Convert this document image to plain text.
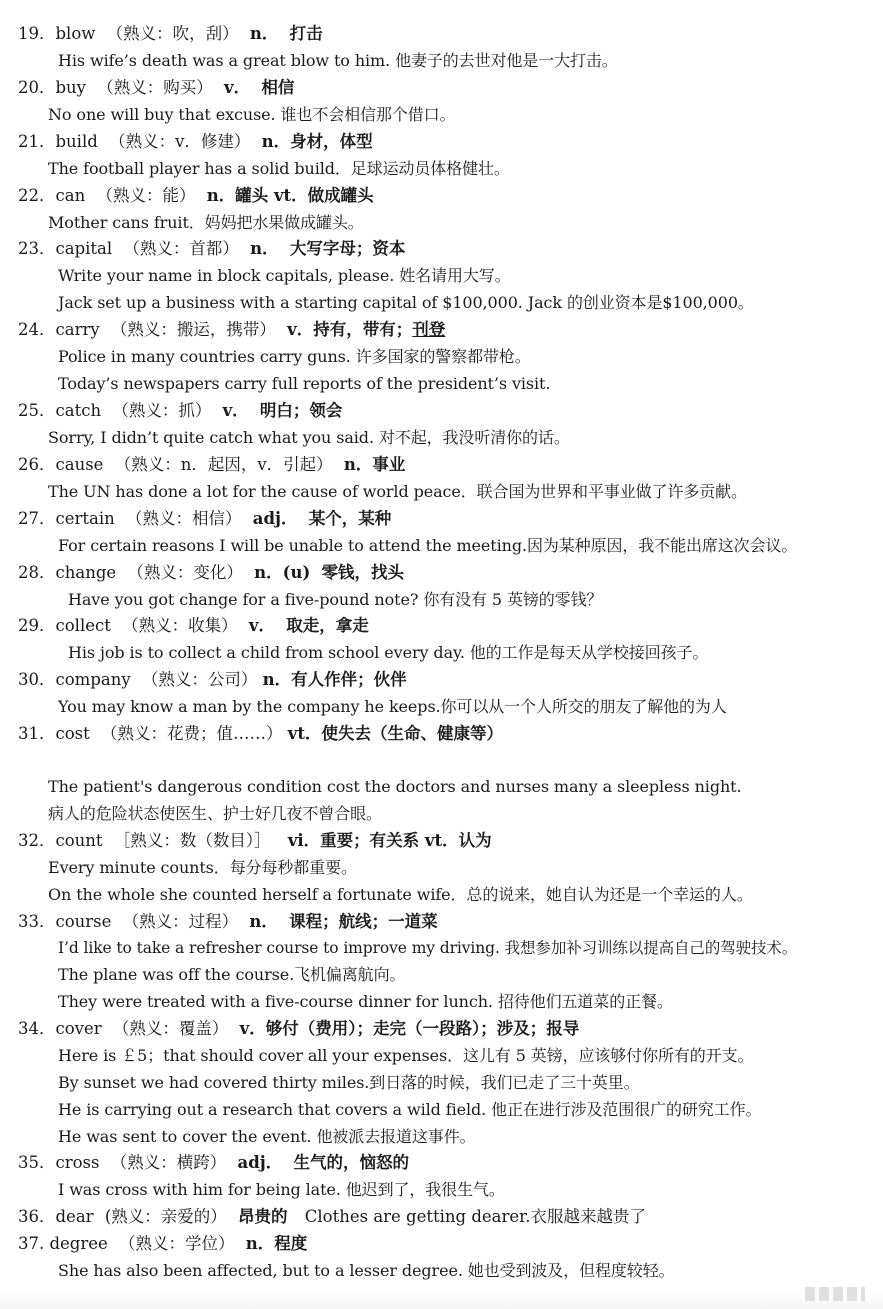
19．blow （熟义：吹，刮） n． 打击
His wife’s death was a great blow to him. 他妻子的去世对他是一大打击。
20．buy （熟义：购买） v． 相信
No one will buy that excuse. 谁也不会相信那个借口。
21．build （熟义：v．修建） n．身材，体型
The football player has a solid build．足球运动员体格健壮。
22．can （熟义：能） n．罐头 vt．做成罐头
Mother cans fruit．妈妈把水果做成罐头。
23．capital （熟义：首都） n． 大写字母；资本
Write your name in block capitals, please. 姓名请用大写。
Jack set up a business with a starting capital of $100,000. Jack 的创业资本是$100,000。
24．carry （熟义：搬运，携带） v．持有，带有；刊登
Police in many countries carry guns. 许多国家的警察都带枪。
Today’s newspapers carry full reports of the president’s visit.
25．catch （熟义：抓） v． 明白；领会
Sorry, I didn’t quite catch what you said. 对不起，我没听清你的话。
26．cause （熟义：n．起因，v．引起） n．事业
The UN has done a lot for the cause of world peace．联合国为世界和平事业做了许多贡献。
27．certain （熟义：相信） adj． 某个，某种
For certain reasons I will be unable to attend the meeting.因为某种原因，我不能出席这次会议。
28．change （熟义：变化） n．(u) 零钱，找头
Have you got change for a five-pound note? 你有没有 5 英镑的零钱？
29．collect （熟义：收集） v． 取走，拿走
His job is to collect a child from school every day. 他的工作是每天从学校接回孩子。
30．company （熟义：公司） n．有人作伴；伙伴
You may know a man by the company he keeps.你可以从一个人所交的朋友了解他的为人
31．cost （熟义：花费；值……） vt．使失去（生命、健康等）
The patient's dangerous condition cost the doctors and nurses many a sleepless night.
病人的危险状态使医生、护士好几夜不曾合眼。
32．count ［熟义：数（数目）］ vi．重要；有关系 vt．认为
Every minute counts．每分每秒都重要。
On the whole she counted herself a fortunate wife．总的说来，她自认为还是一个幸运的人。
33．course （熟义：过程） n． 课程；航线；一道菜
I’d like to take a refresher course to improve my driving. 我想参加补习训练以提高自己的驾驶技术。
The plane was off the course.飞机偏离航向。
They were treated with a five-course dinner for lunch. 招待他们五道菜的正餐。
34．cover （熟义：覆盖） v．够付（费用）；走完（一段路）；涉及；报导
Here is ￡5；that should cover all your expenses．这儿有 5 英镑，应该够付你所有的开支。
By sunset we had covered thirty miles.到日落的时候，我们已走了三十英里。
He is carrying out a research that covers a wild field. 他正在进行涉及范围很广的研究工作。
He was sent to cover the event. 他被派去报道这事件。
35．cross （熟义：横跨） adj． 生气的，恼怒的
I was cross with him for being late. 他迟到了，我很生气。
36．dear (熟义：亲爱的） 昂贵的 Clothes are getting dearer.衣服越来越贵了
37. degree （熟义：学位） n．程度
She has also been affected, but to a lesser degree. 她也受到波及，但程度较轻。
